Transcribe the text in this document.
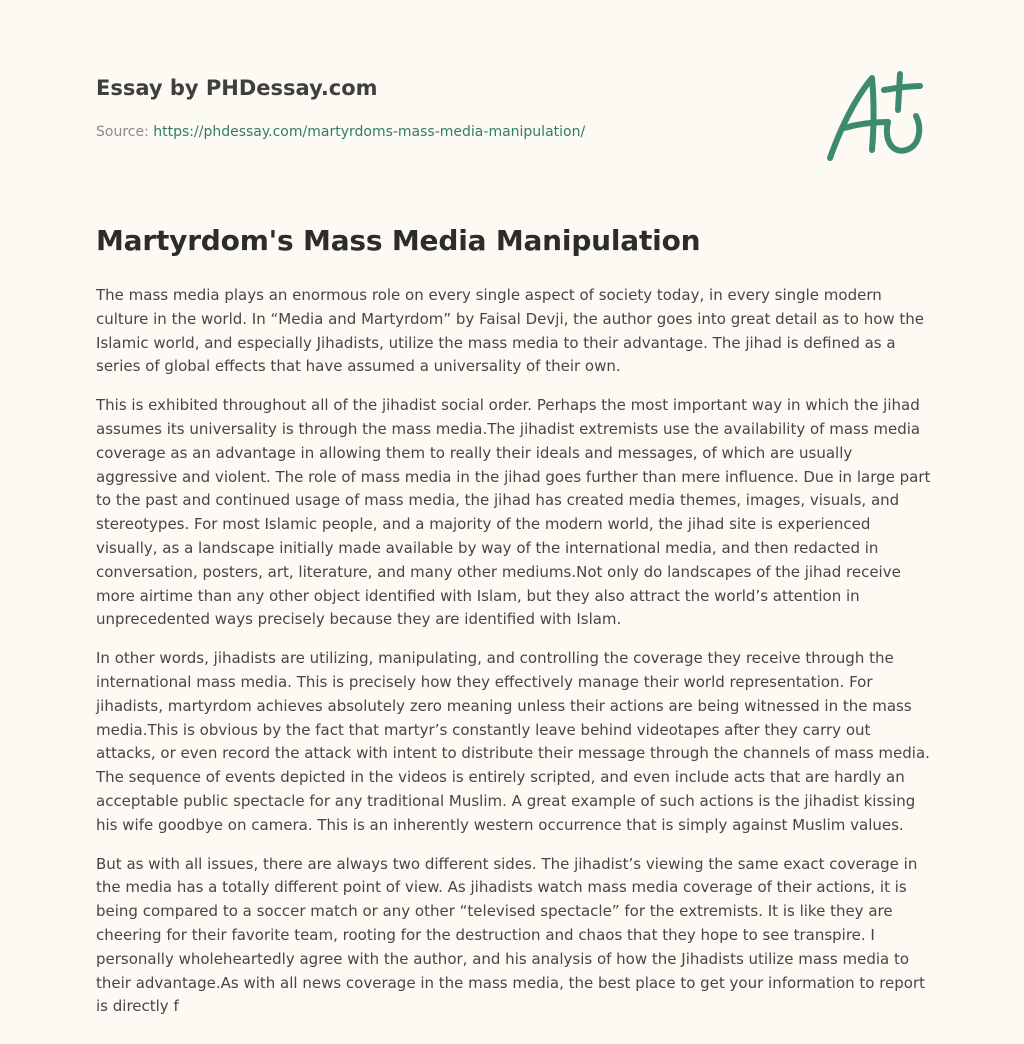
Essay by PHDessay.com
Source: https://phdessay.com/martyrdoms-mass-media-manipulation/
Martyrdom's Mass Media Manipulation

The mass media plays an enormous role on every single aspect of society today, in every single modern culture in the world. In “Media and Martyrdom” by Faisal Devji, the author goes into great detail as to how the Islamic world, and especially Jihadists, utilize the mass media to their advantage. The jihad is defined as a series of global effects that have assumed a universality of their own.

This is exhibited throughout all of the jihadist social order. Perhaps the most important way in which the jihad assumes its universality is through the mass media.The jihadist extremists use the availability of mass media coverage as an advantage in allowing them to really their ideals and messages, of which are usually aggressive and violent. The role of mass media in the jihad goes further than mere influence. Due in large part to the past and continued usage of mass media, the jihad has created media themes, images, visuals, and stereotypes. For most Islamic people, and a majority of the modern world, the jihad site is experienced visually, as a landscape initially made available by way of the international media, and then redacted in conversation, posters, art, literature, and many other mediums.Not only do landscapes of the jihad receive more airtime than any other object identified with Islam, but they also attract the world’s attention in unprecedented ways precisely because they are identified with Islam.

In other words, jihadists are utilizing, manipulating, and controlling the coverage they receive through the international mass media. This is precisely how they effectively manage their world representation. For jihadists, martyrdom achieves absolutely zero meaning unless their actions are being witnessed in the mass media.This is obvious by the fact that martyr’s constantly leave behind videotapes after they carry out attacks, or even record the attack with intent to distribute their message through the channels of mass media. The sequence of events depicted in the videos is entirely scripted, and even include acts that are hardly an acceptable public spectacle for any traditional Muslim. A great example of such actions is the jihadist kissing his wife goodbye on camera. This is an inherently western occurrence that is simply against Muslim values.

But as with all issues, there are always two different sides. The jihadist’s viewing the same exact coverage in the media has a totally different point of view. As jihadists watch mass media coverage of their actions, it is being compared to a soccer match or any other “televised spectacle” for the extremists. It is like they are cheering for their favorite team, rooting for the destruction and chaos that they hope to see transpire. I personally wholeheartedly agree with the author, and his analysis of how the Jihadists utilize mass media to their advantage.As with all news coverage in the mass media, the best place to get your information to report is directly f
